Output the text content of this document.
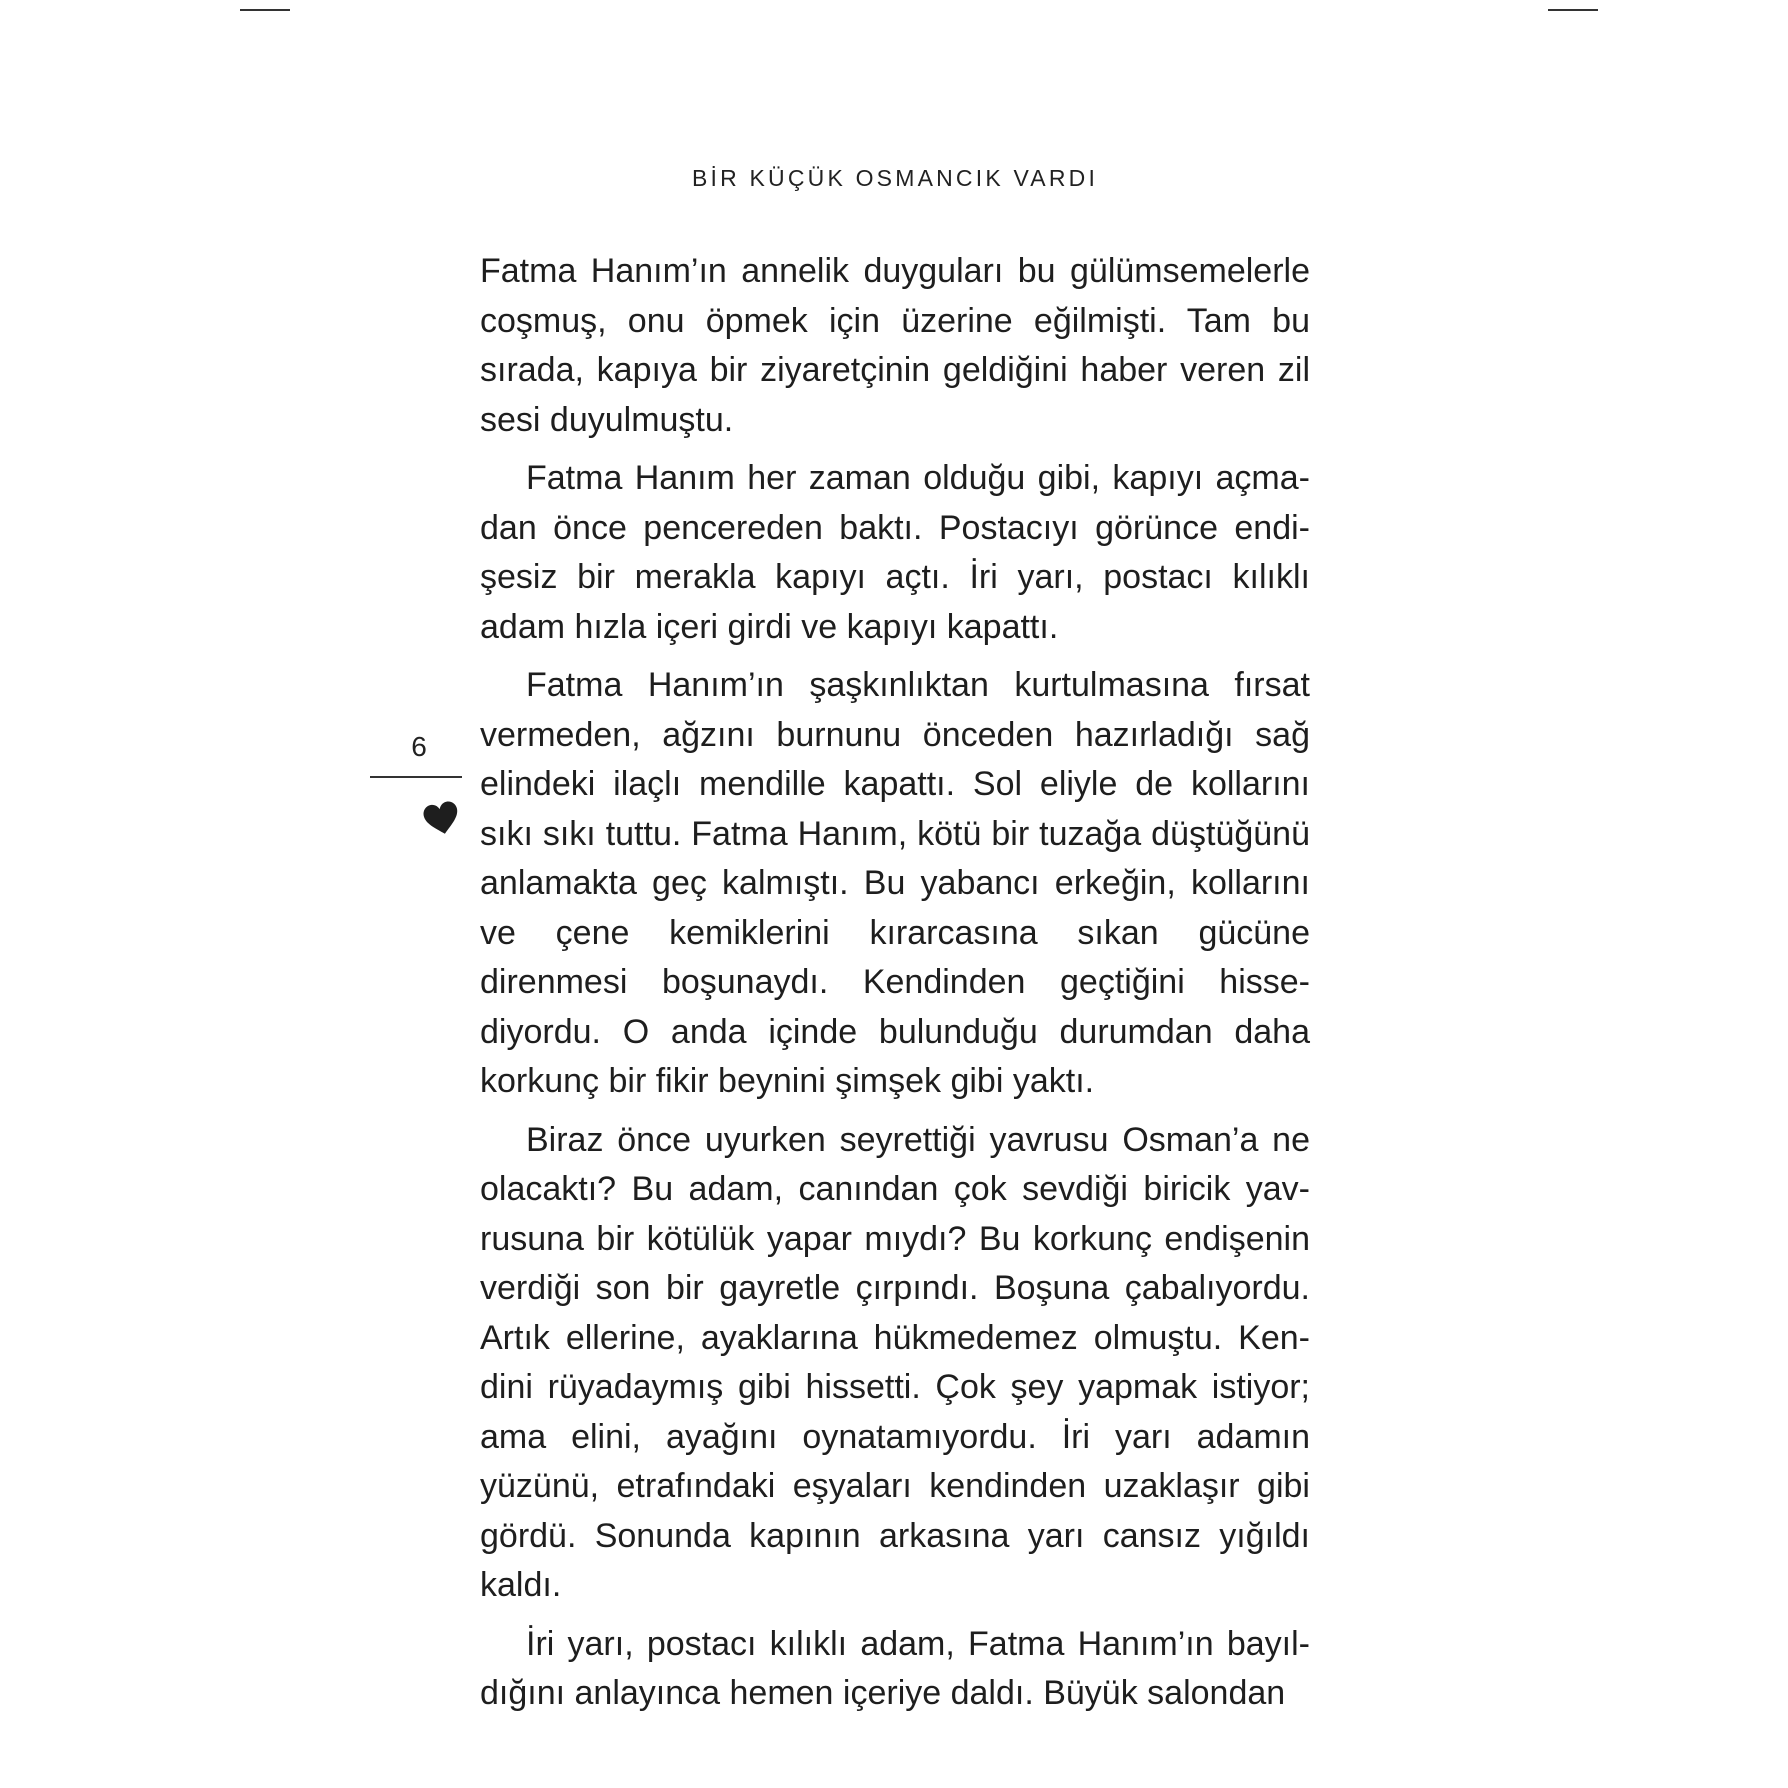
BİR KÜÇÜK OSMANCIK VARDI

Fatma Hanım’ın annelik duyguları bu gülümsemelerle coşmuş, onu öpmek için üzerine eğilmişti. Tam bu sırada, kapıya bir ziyaretçinin geldiğini haber veren zil sesi duyulmuştu.

Fatma Hanım her zaman olduğu gibi, kapıyı açmadan önce pencereden baktı. Postacıyı görünce endişesiz bir merakla kapıyı açtı. İri yarı, postacı kılıklı adam hızla içeri girdi ve kapıyı kapattı.

Fatma Hanım’ın şaşkınlıktan kurtulmasına fırsat vermeden, ağzını burnunu önceden hazırladığı sağ elindeki ilaçlı mendille kapattı. Sol eliyle de kollarını sıkı sıkı tuttu. Fatma Hanım, kötü bir tuzağa düştüğünü anlamakta geç kalmıştı. Bu yabancı erkeğin, kollarını ve çene kemiklerini kırarcasına sıkan gücüne direnmesi boşunaydı. Kendinden geçtiğini hissediyordu. O anda içinde bulunduğu durumdan daha korkunç bir fikir beynini şimşek gibi yaktı.

Biraz önce uyurken seyrettiği yavrusu Osman’a ne olacaktı? Bu adam, canından çok sevdiği biricik yavrusuna bir kötülük yapar mıydı? Bu korkunç endişenin verdiği son bir gayretle çırpındı. Boşuna çabalıyordu. Artık ellerine, ayaklarına hükmedemez olmuştu. Kendini rüyadaymış gibi hissetti. Çok şey yapmak istiyor; ama elini, ayağını oynatamıyordu. İri yarı adamın yüzünü, etrafındaki eşyaları kendinden uzaklaşır gibi gördü. Sonunda kapının arkasına yarı cansız yığıldı kaldı.

İri yarı, postacı kılıklı adam, Fatma Hanım’ın bayıldığını anlayınca hemen içeriye daldı. Büyük salondan

6
